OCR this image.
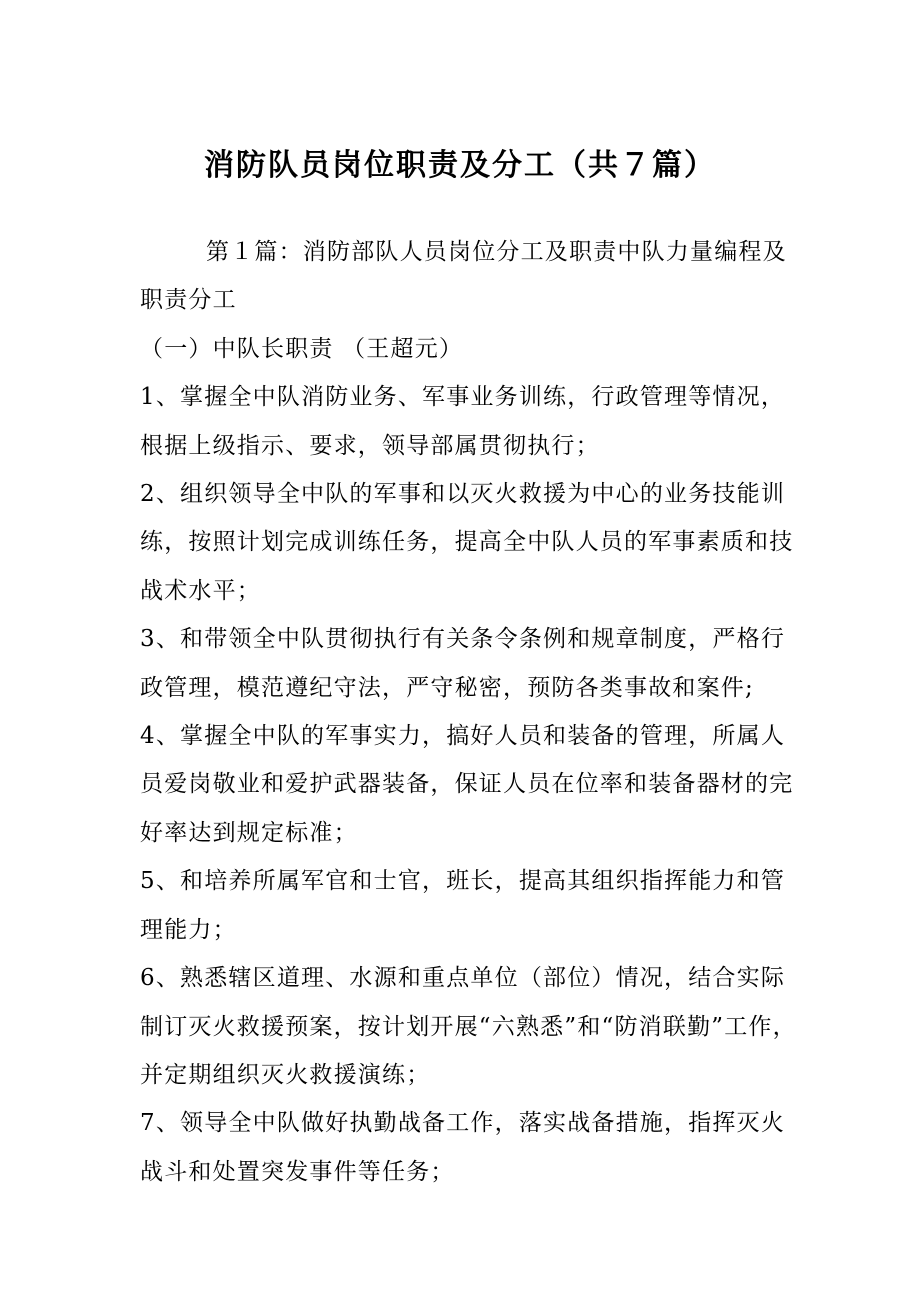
消防队员岗位职责及分工（共７篇）

第１篇：消防部队人员岗位分工及职责中队力量编程及职责分工

（一）中队长职责 （王超元）

1、掌握全中队消防业务、军事业务训练，行政管理等情况，根据上级指示、要求，领导部属贯彻执行；

2、组织领导全中队的军事和以灭火救援为中心的业务技能训练，按照计划完成训练任务，提高全中队人员的军事素质和技战术水平；

3、和带领全中队贯彻执行有关条令条例和规章制度，严格行政管理，模范遵纪守法，严守秘密，预防各类事故和案件;

4、掌握全中队的军事实力，搞好人员和装备的管理，所属人员爱岗敬业和爱护武器装备，保证人员在位率和装备器材的完好率达到规定标准；

5、和培养所属军官和士官，班长，提高其组织指挥能力和管理能力；

6、熟悉辖区道理、水源和重点单位（部位）情况，结合实际制订灭火救援预案，按计划开展“六熟悉”和“防消联勤”工作，并定期组织灭火救援演练；

7、领导全中队做好执勤战备工作，落实战备措施，指挥灭火战斗和处置突发事件等任务；
